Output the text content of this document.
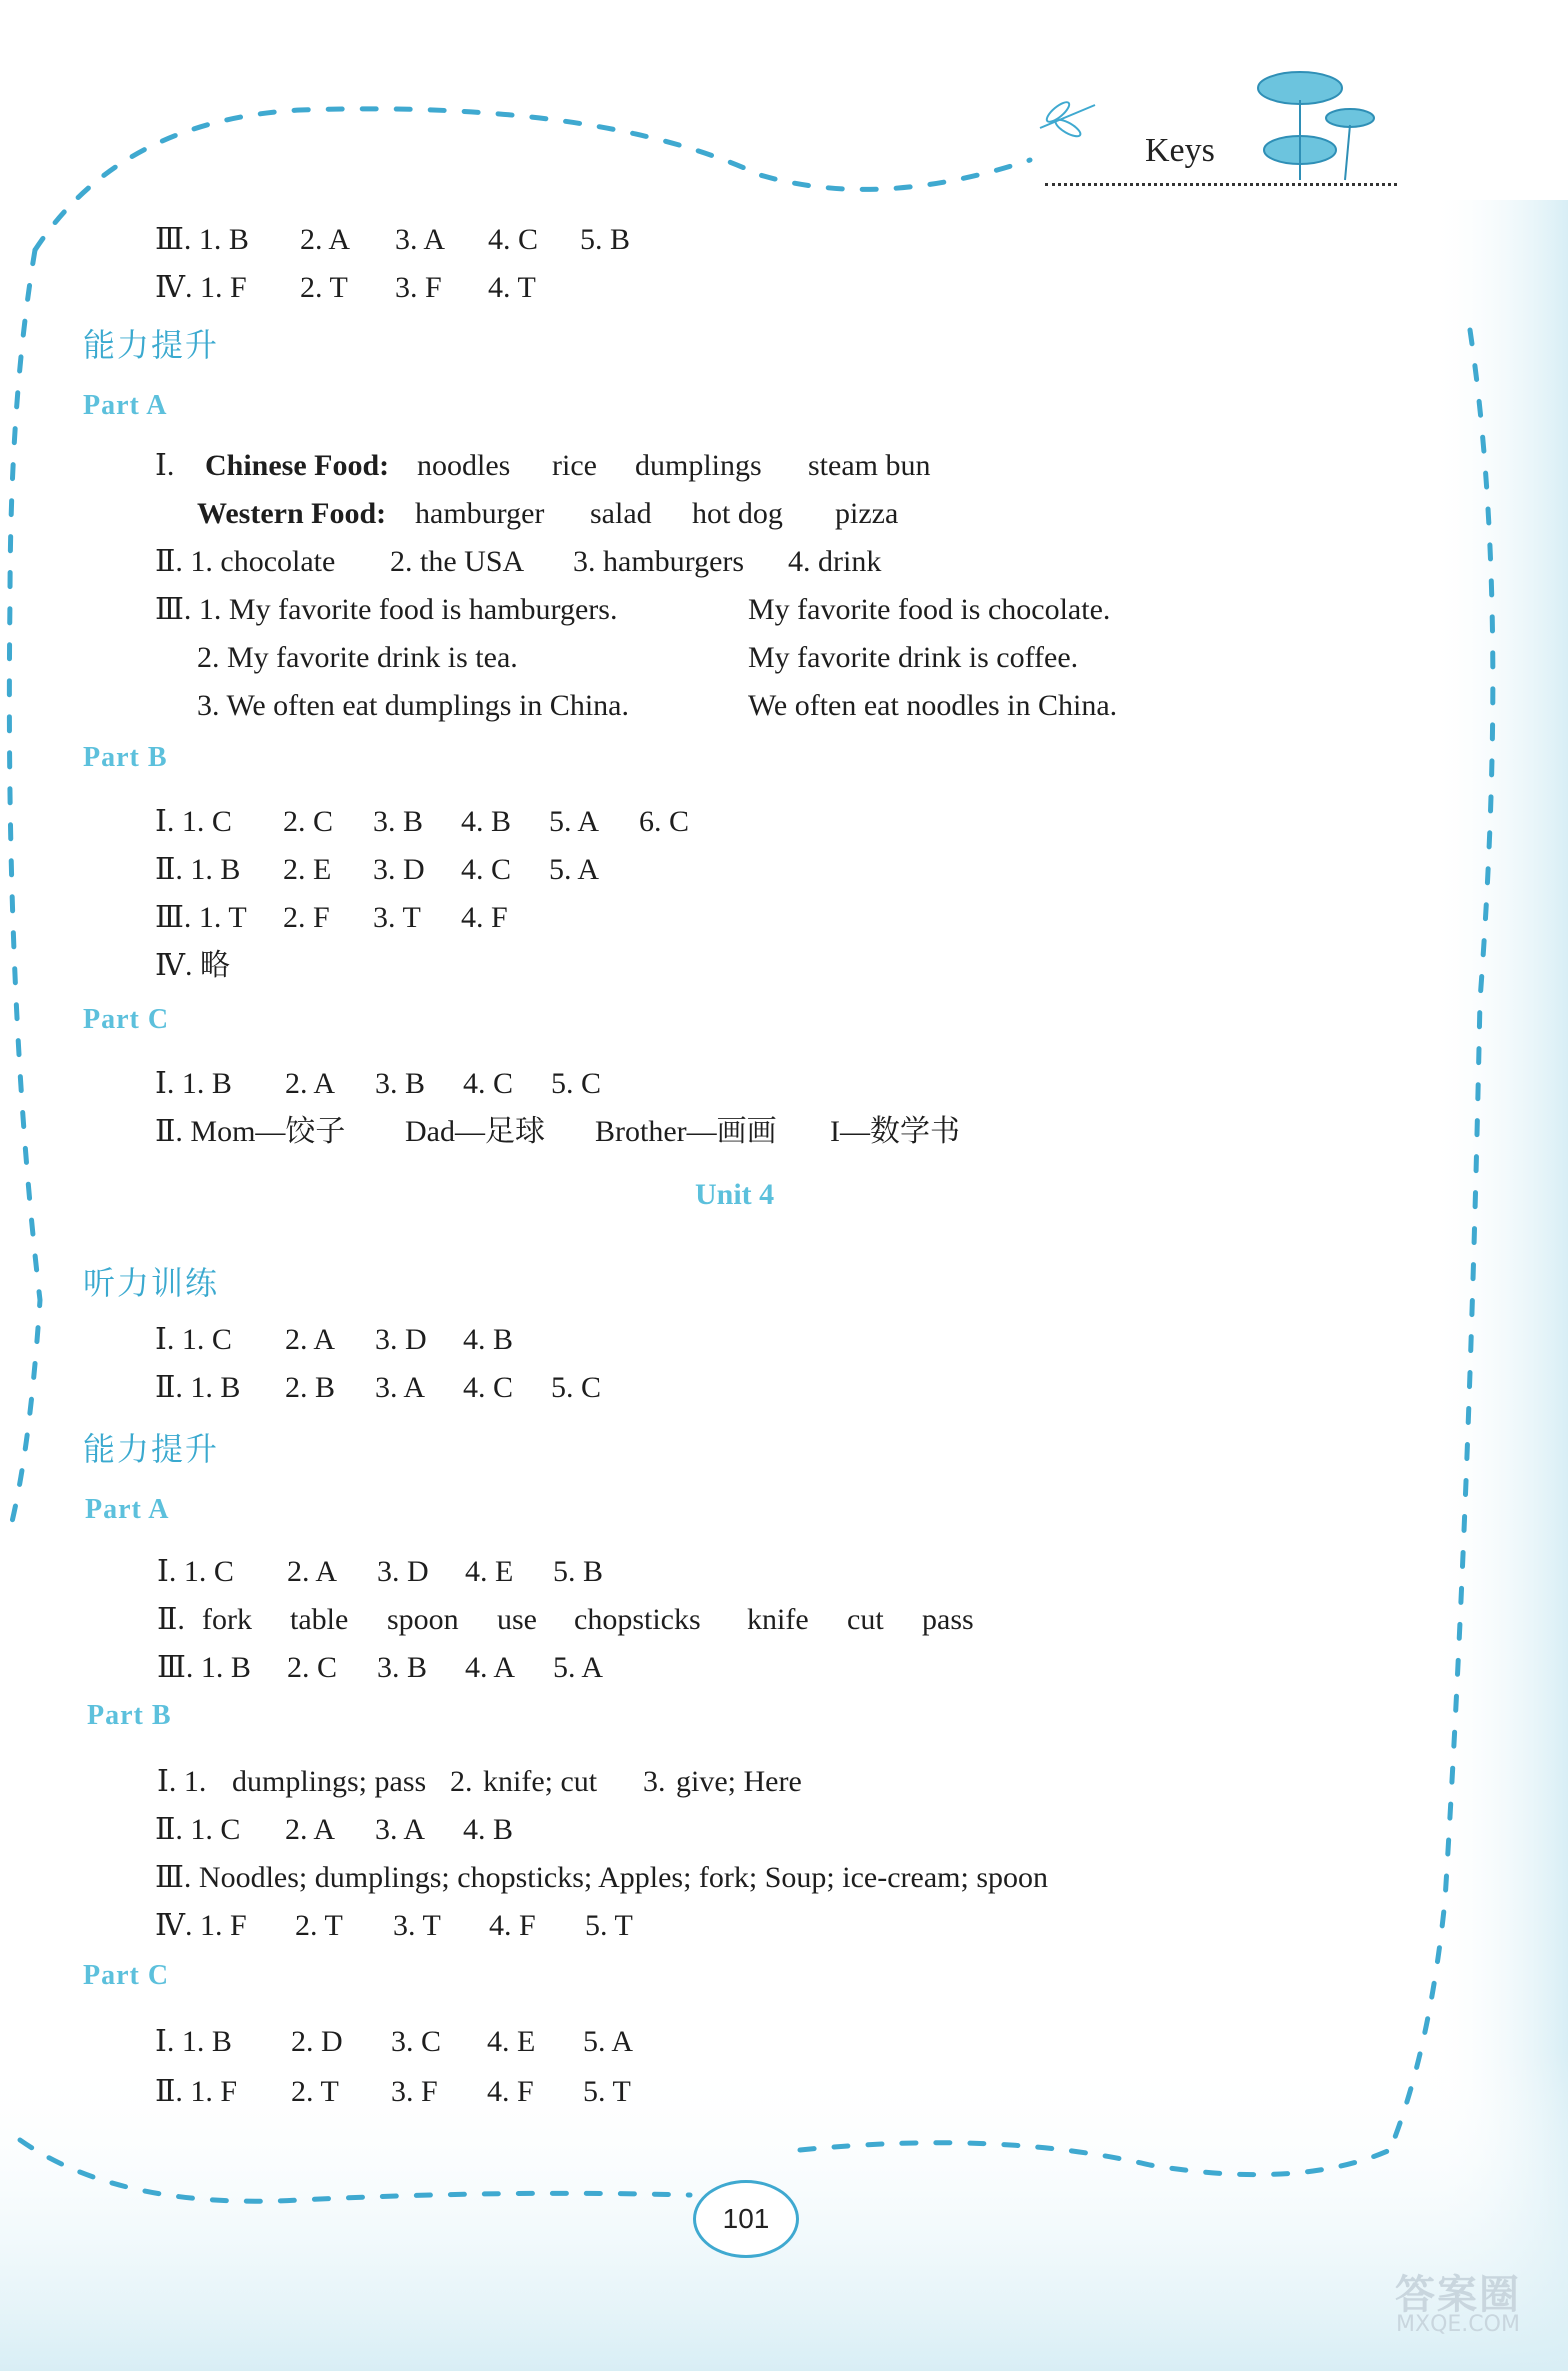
Keys
Ⅲ. 1. B 2. A 3. A 4. C 5. B
Ⅳ. 1. F 2. T 3. F 4. T
能力提升
Part A
Ⅰ. Chinese Food: noodles rice dumplings steam bun
Western Food: hamburger salad hot dog pizza
Ⅱ. 1. chocolate 2. the USA 3. hamburgers 4. drink
Ⅲ. 1. My favorite food is hamburgers.	My favorite food is chocolate.
2. My favorite drink is tea.	My favorite drink is coffee.
3. We often eat dumplings in China.	We often eat noodles in China.
Part B
Ⅰ. 1. C 2. C 3. B 4. B 5. A 6. C
Ⅱ. 1. B 2. E 3. D 4. C 5. A
Ⅲ. 1. T 2. F 3. T 4. F
Ⅳ. 略
Part C
Ⅰ. 1. B 2. A 3. B 4. C 5. C
Ⅱ. Mom—饺子 Dad—足球 Brother—画画 I—数学书
Unit 4
听力训练
Ⅰ. 1. C 2. A 3. D 4. B
Ⅱ. 1. B 2. B 3. A 4. C 5. C
能力提升
Part A
Ⅰ. 1. C 2. A 3. D 4. E 5. B
Ⅱ. fork table spoon use chopsticks knife cut pass
Ⅲ. 1. B 2. C 3. B 4. A 5. A
Part B
Ⅰ. 1. dumplings; pass 2. knife; cut 3. give; Here
Ⅱ. 1. C 2. A 3. A 4. B
Ⅲ. Noodles; dumplings; chopsticks; Apples; fork; Soup; ice-cream; spoon
Ⅳ. 1. F 2. T 3. T 4. F 5. T
Part C
Ⅰ. 1. B 2. D 3. C 4. E 5. A
Ⅱ. 1. F 2. T 3. F 4. F 5. T
101
答案圈
MXQE.COM
